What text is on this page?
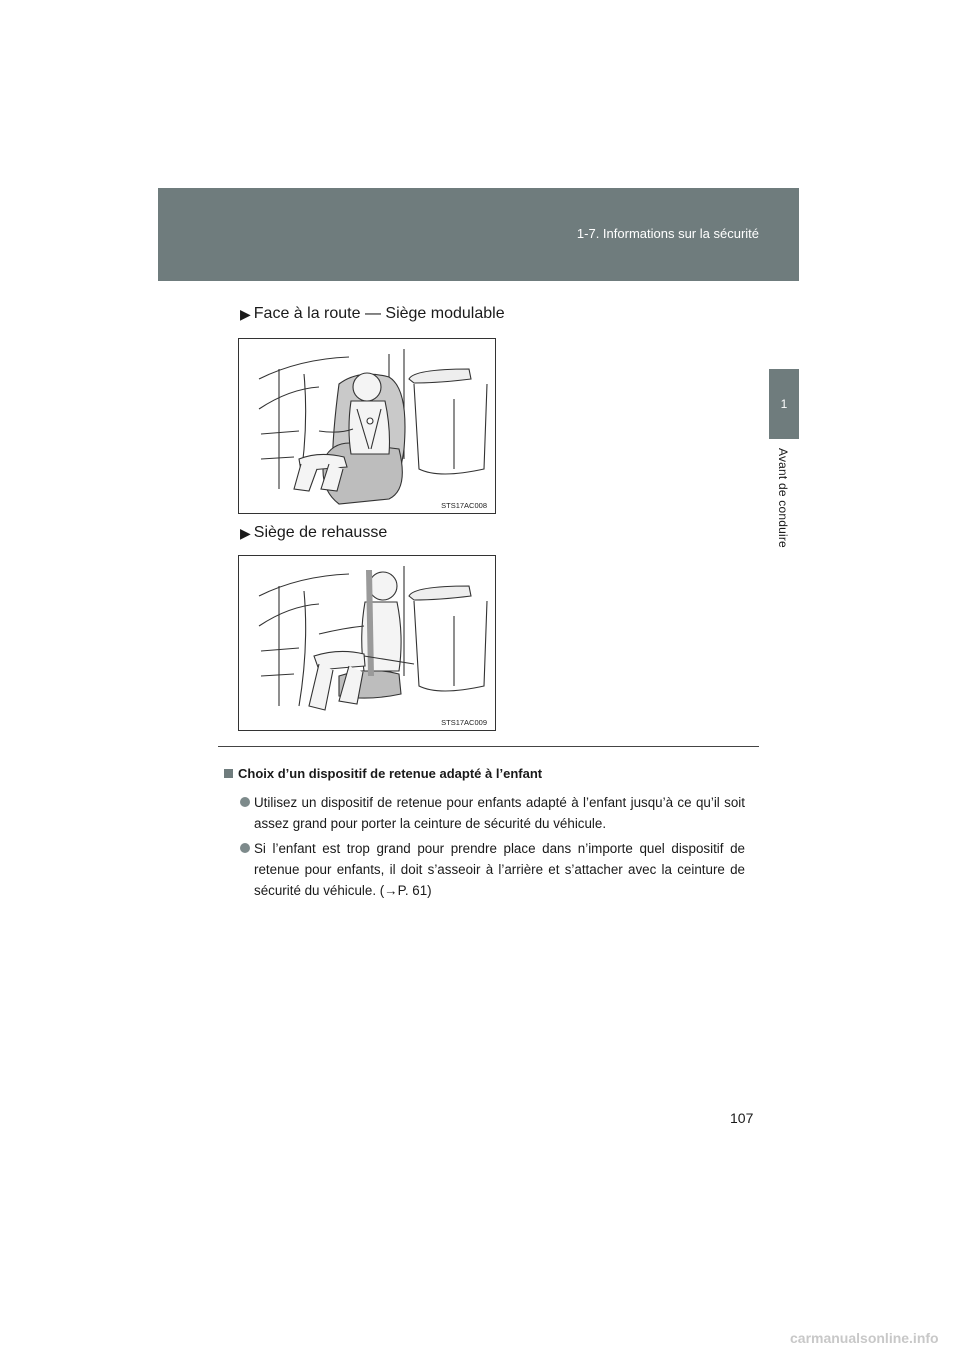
1-7. Informations sur la sécurité
1
Avant de conduire
▶ Face à la route — Siège modulable
STS17AC008
▶ Siège de rehausse
STS17AC009
Choix d’un dispositif de retenue adapté à l’enfant
Utilisez un dispositif de retenue pour enfants adapté à l’enfant jusqu’à ce qu’il soit assez grand pour porter la ceinture de sécurité du véhicule.
Si l’enfant est trop grand pour prendre place dans n’importe quel dispositif de retenue pour enfants, il doit s’asseoir à l’arrière et s’attacher avec la ceinture de sécurité du véhicule. (→P. 61)
107
carmanualsonline.info
